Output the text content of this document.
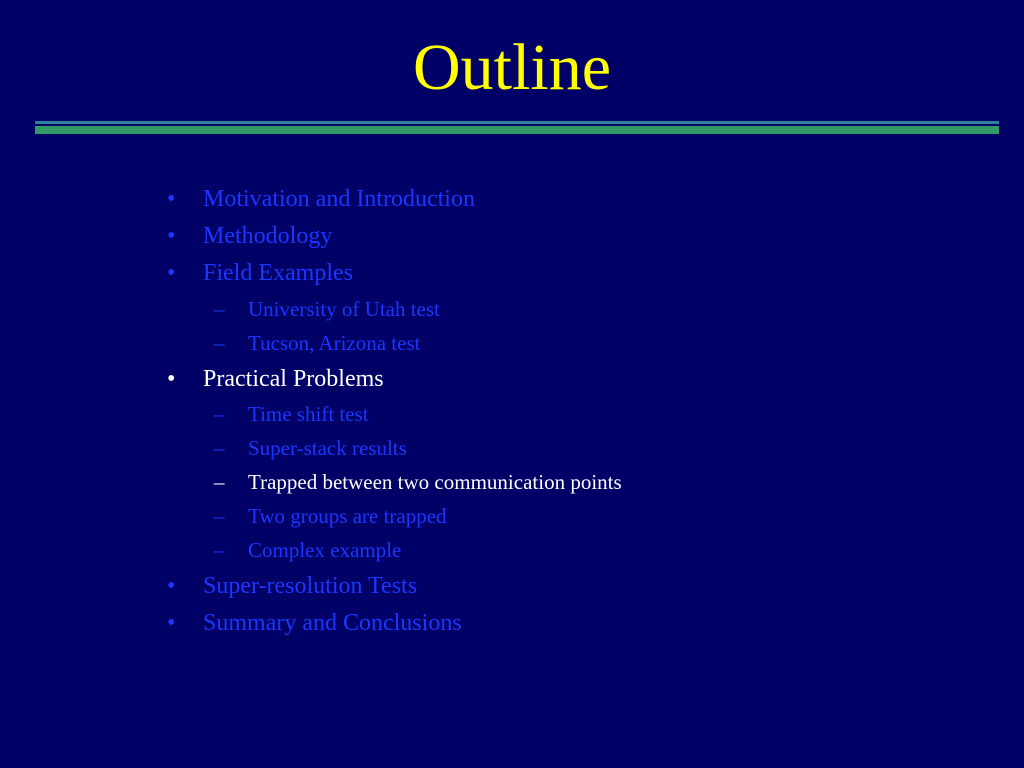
Outline
• Motivation and Introduction
• Methodology
• Field Examples
– University of Utah test
– Tucson, Arizona test
• Practical Problems
– Time shift test
– Super-stack results
– Trapped between two communication points
– Two groups are trapped
– Complex example
• Super-resolution Tests
• Summary and Conclusions
